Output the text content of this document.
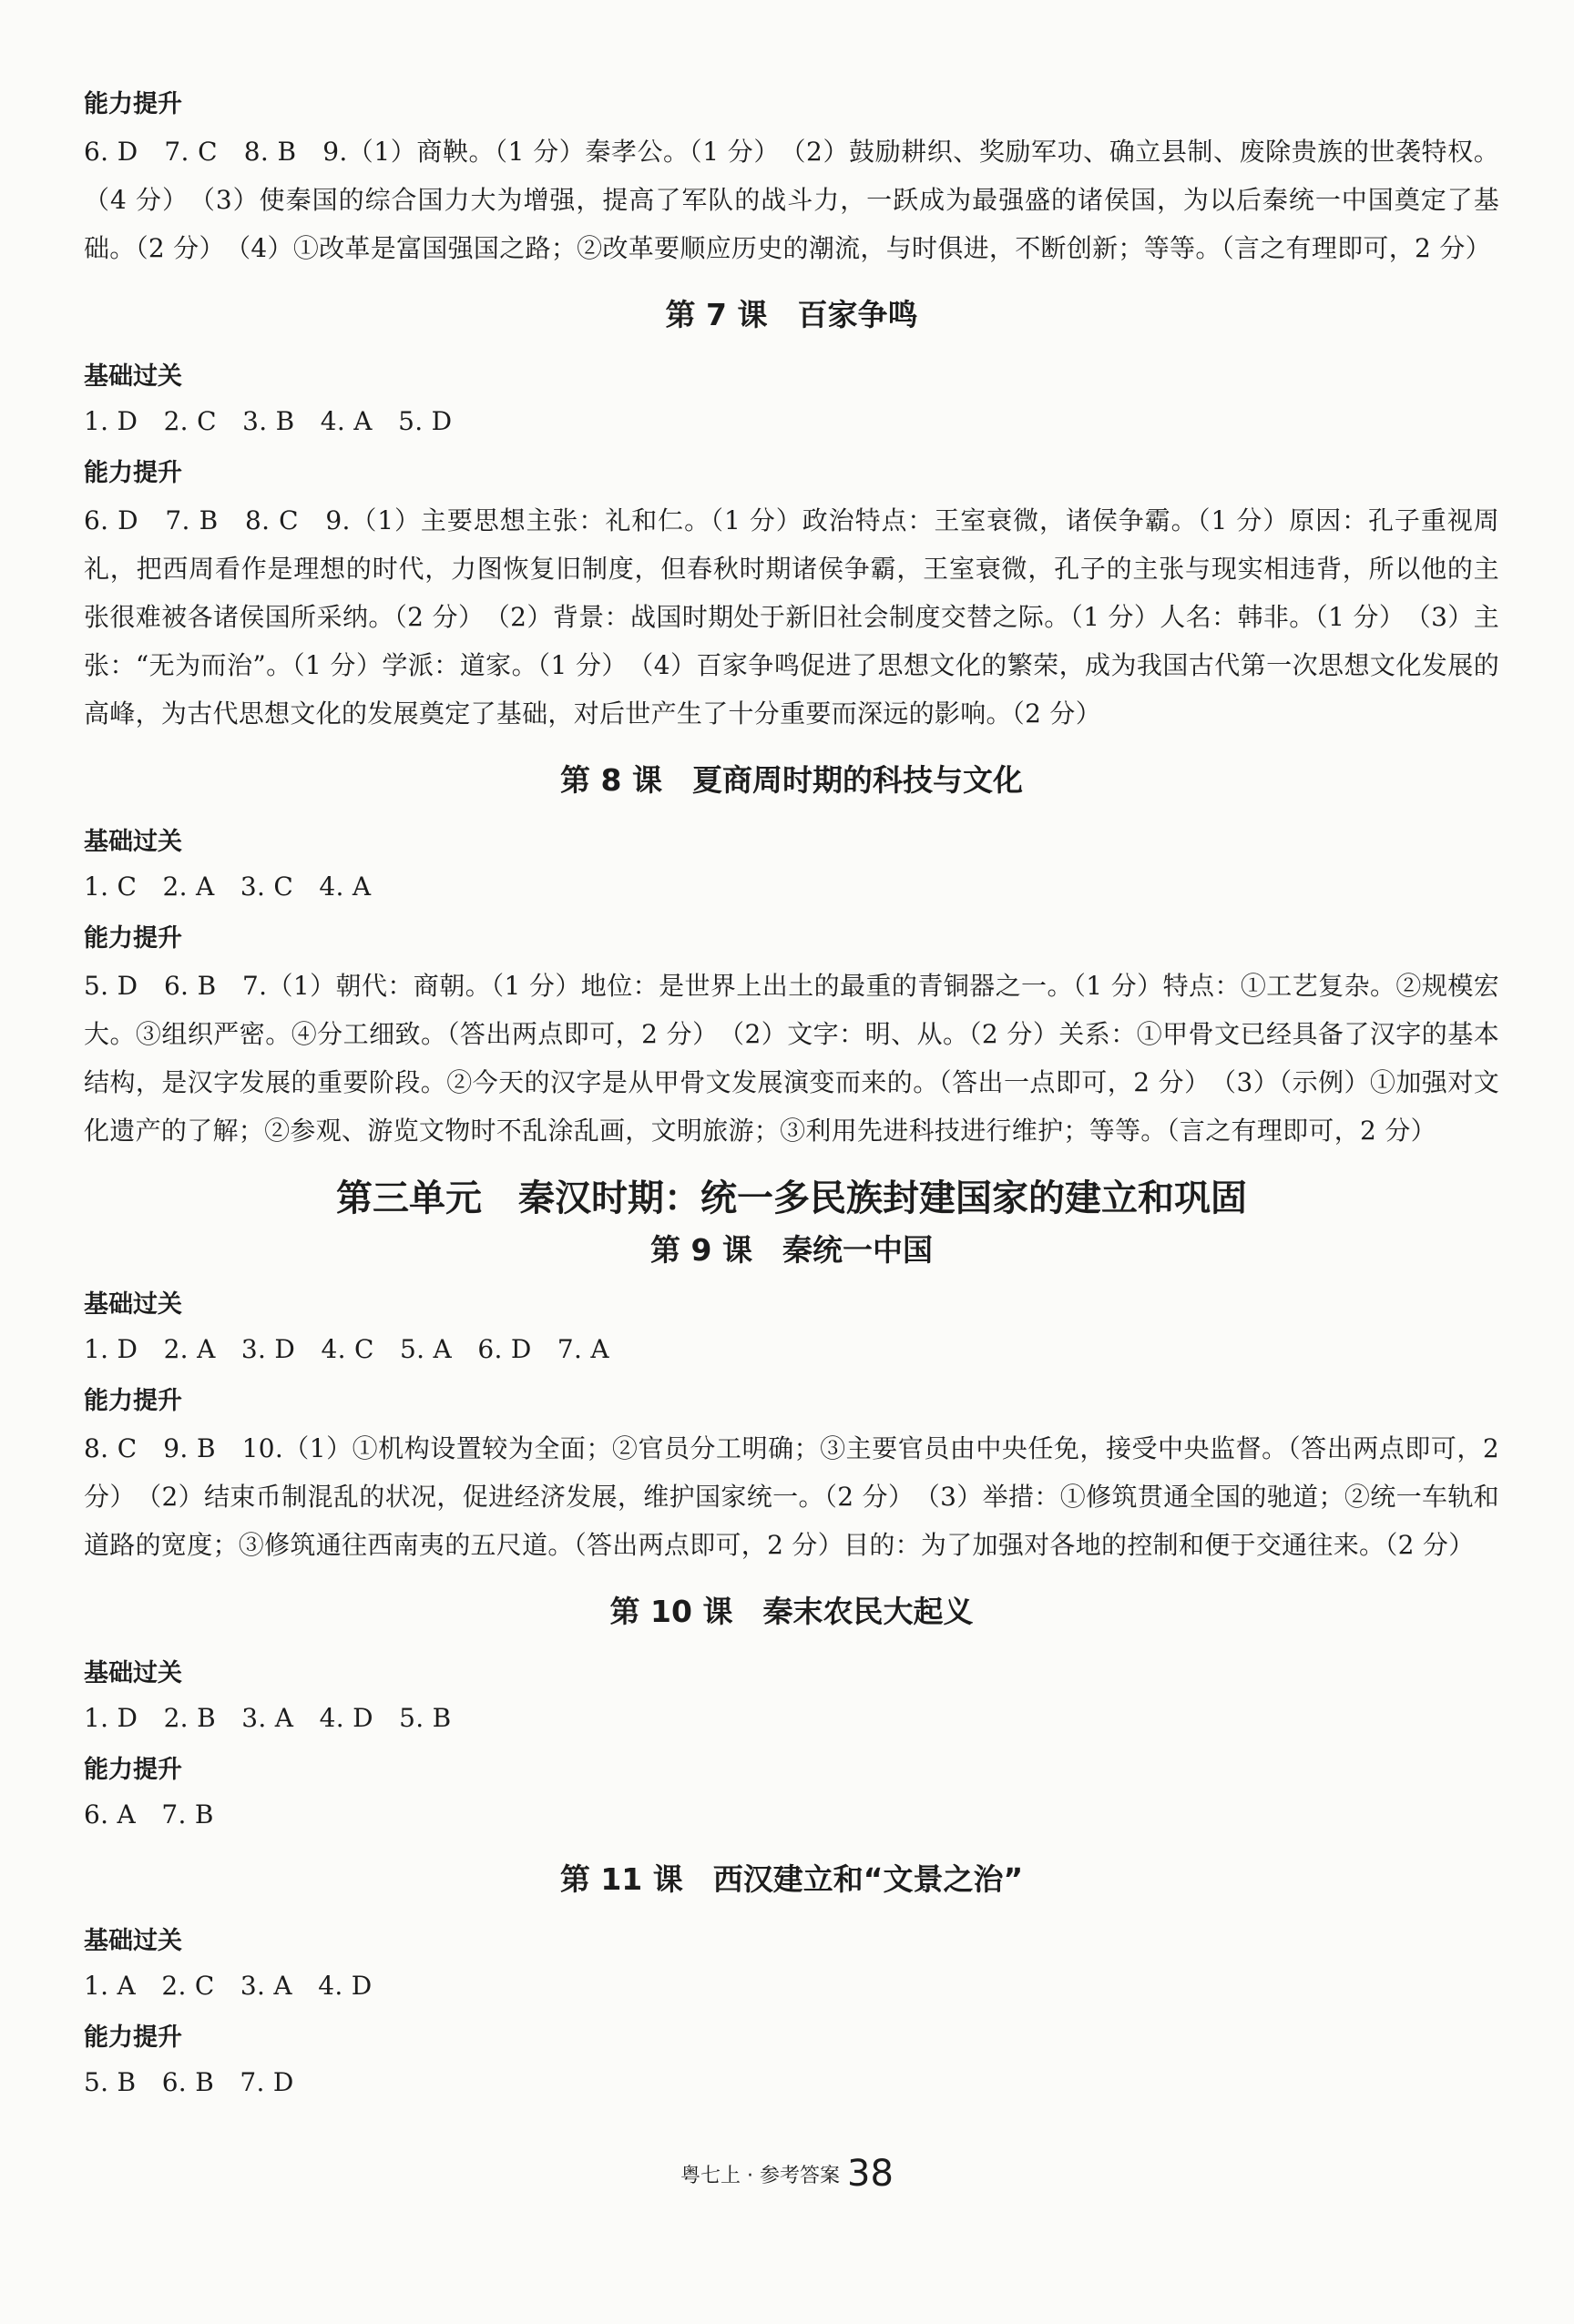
能力提升

6. D　7. C　8. B　9.（1）商鞅。（1 分）秦孝公。（1 分）　（2）鼓励耕织、奖励军功、确立县制、废除贵族的世袭特权。（4 分）　（3）使秦国的综合国力大为增强，提高了军队的战斗力，一跃成为最强盛的诸侯国，为以后秦统一中国奠定了基础。（2 分）　（4）①改革是富国强国之路；②改革要顺应历史的潮流，与时俱进，不断创新；等等。（言之有理即可，2 分）

第 7 课　百家争鸣
基础过关

1. D　2. C　3. B　4. A　5. D

能力提升

6. D　7. B　8. C　9.（1）主要思想主张：礼和仁。（1 分）政治特点：王室衰微，诸侯争霸。（1 分）原因：孔子重视周礼，把西周看作是理想的时代，力图恢复旧制度，但春秋时期诸侯争霸，王室衰微，孔子的主张与现实相违背，所以他的主张很难被各诸侯国所采纳。（2 分）　（2）背景：战国时期处于新旧社会制度交替之际。（1 分）人名：韩非。（1 分）　（3）主张：“无为而治”。（1 分）学派：道家。（1 分）　（4）百家争鸣促进了思想文化的繁荣，成为我国古代第一次思想文化发展的高峰，为古代思想文化的发展奠定了基础，对后世产生了十分重要而深远的影响。（2 分）

第 8 课　夏商周时期的科技与文化
基础过关

1. C　2. A　3. C　4. A

能力提升

5. D　6. B　7.（1）朝代：商朝。（1 分）地位：是世界上出土的最重的青铜器之一。（1 分）特点：①工艺复杂。②规模宏大。③组织严密。④分工细致。（答出两点即可，2 分）　（2）文字：明、从。（2 分）关系：①甲骨文已经具备了汉字的基本结构，是汉字发展的重要阶段。②今天的汉字是从甲骨文发展演变而来的。（答出一点即可，2 分）　（3）（示例）①加强对文化遗产的了解；②参观、游览文物时不乱涂乱画，文明旅游；③利用先进科技进行维护；等等。（言之有理即可，2 分）

第三单元　秦汉时期：统一多民族封建国家的建立和巩固
第 9 课　秦统一中国
基础过关

1. D　2. A　3. D　4. C　5. A　6. D　7. A

能力提升

8. C　9. B　10.（1）①机构设置较为全面；②官员分工明确；③主要官员由中央任免，接受中央监督。（答出两点即可，2 分）　（2）结束币制混乱的状况，促进经济发展，维护国家统一。（2 分）　（3）举措：①修筑贯通全国的驰道；②统一车轨和道路的宽度；③修筑通往西南夷的五尺道。（答出两点即可，2 分）目的：为了加强对各地的控制和便于交通往来。（2 分）

第 10 课　秦末农民大起义
基础过关

1. D　2. B　3. A　4. D　5. B

能力提升

6. A　7. B

第 11 课　西汉建立和“文景之治”
基础过关

1. A　2. C　3. A　4. D

能力提升

5. B　6. B　7. D

粤七上 · 参考答案 38
